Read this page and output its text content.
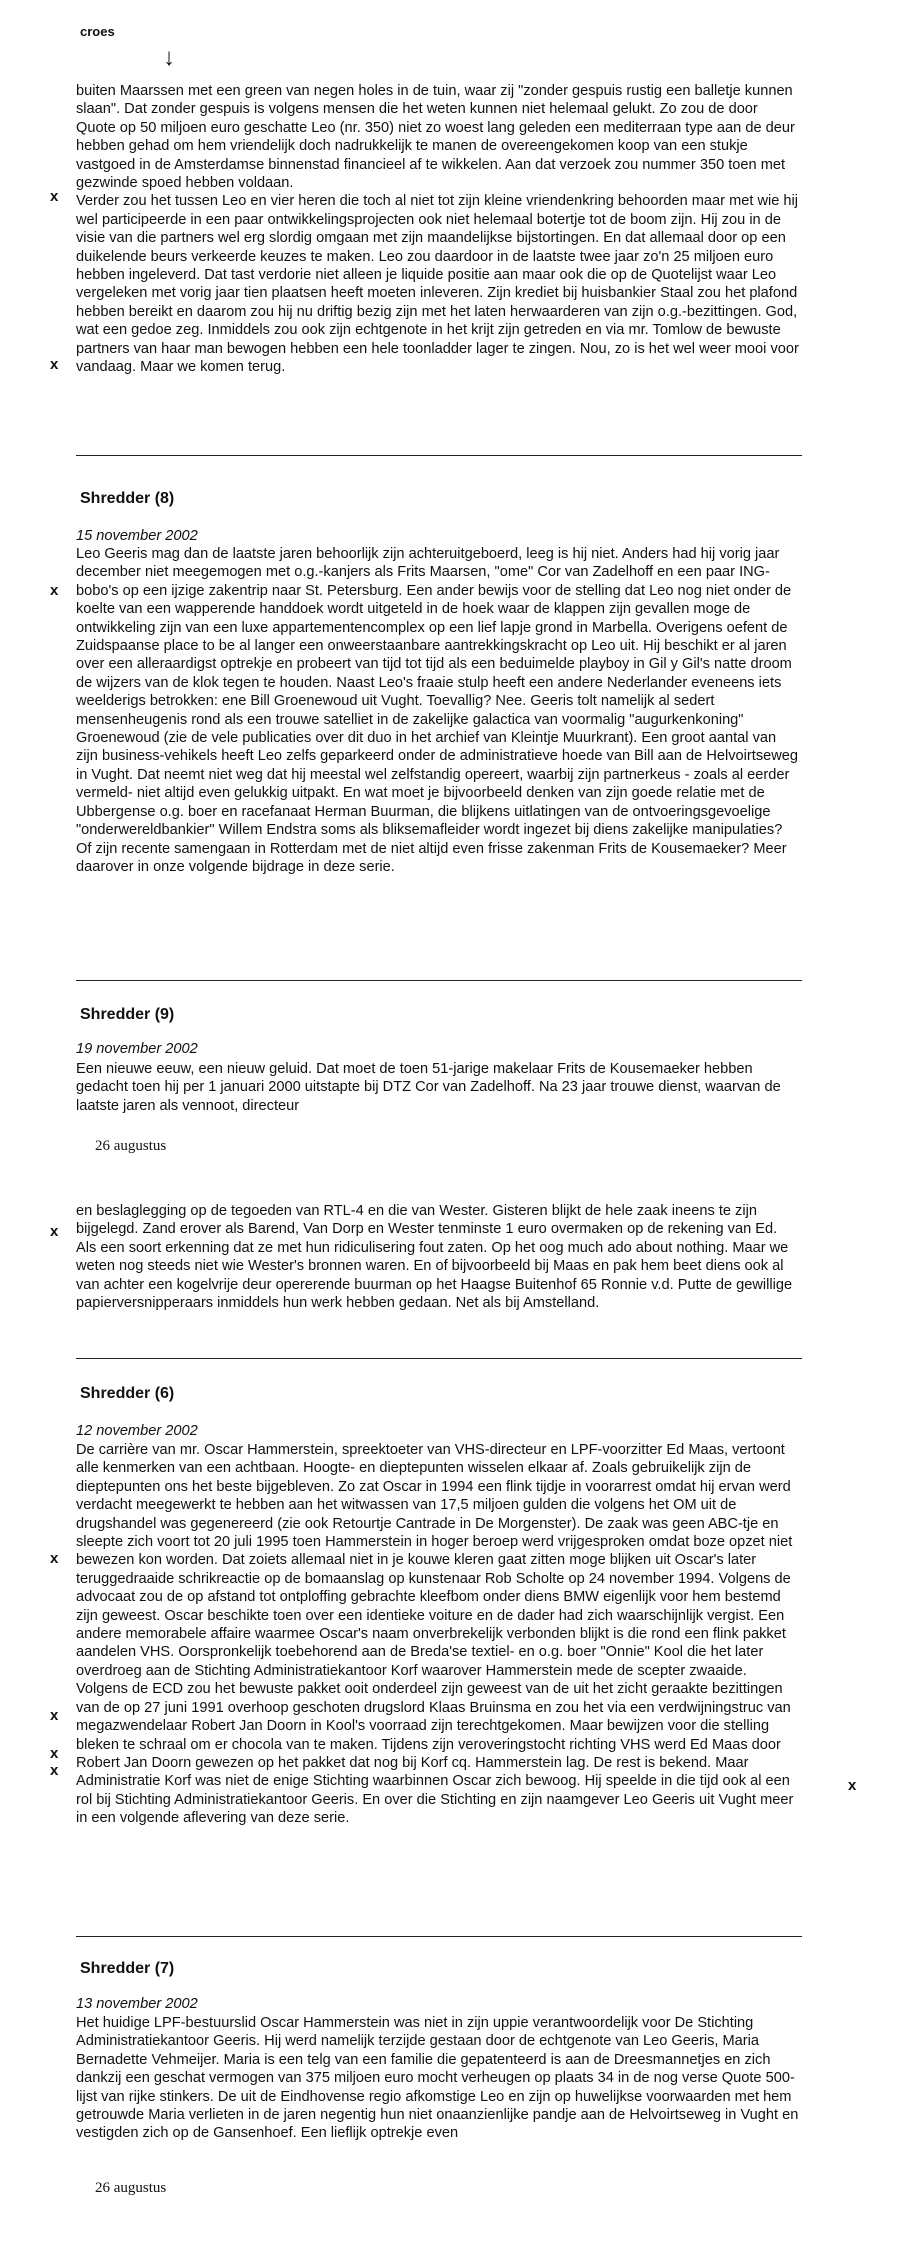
croes
↓

buiten Maarssen met een green van negen holes in de tuin, waar zij "zonder gespuis rustig een balletje kunnen slaan". Dat zonder gespuis is volgens mensen die het weten kunnen niet helemaal gelukt. Zo zou de door Quote op 50 miljoen euro geschatte Leo (nr. 350) niet zo woest lang geleden een mediterraan type aan de deur hebben gehad om hem vriendelijk doch nadrukkelijk te manen de overeengekomen koop van een stukje vastgoed in de Amsterdamse binnenstad financieel af te wikkelen. Aan dat verzoek zou nummer 350 toen met gezwinde spoed hebben voldaan.
Verder zou het tussen Leo en vier heren die toch al niet tot zijn kleine vriendenkring behoorden maar met wie hij wel participeerde in een paar ontwikkelingsprojecten ook niet helemaal botertje tot de boom zijn. Hij zou in de visie van die partners wel erg slordig omgaan met zijn maandelijkse bijstortingen. En dat allemaal door op een duikelende beurs verkeerde keuzes te maken. Leo zou daardoor in de laatste twee jaar zo'n 25 miljoen euro hebben ingeleverd. Dat tast verdorie niet alleen je liquide positie aan maar ook die op de Quotelijst waar Leo vergeleken met vorig jaar tien plaatsen heeft moeten inleveren. Zijn krediet bij huisbankier Staal zou het plafond hebben bereikt en daarom zou hij nu driftig bezig zijn met het laten herwaarderen van zijn o.g.-bezittingen. God, wat een gedoe zeg. Inmiddels zou ook zijn echtgenote in het krijt zijn getreden en via mr. Tomlow de bewuste partners van haar man bewogen hebben een hele toonladder lager te zingen. Nou, zo is het wel weer mooi voor vandaag. Maar we komen terug.

x
x
Shredder (8)
15 november 2002

Leo Geeris mag dan de laatste jaren behoorlijk zijn achteruitgeboerd, leeg is hij niet. Anders had hij vorig jaar december niet meegemogen met o.g.-kanjers als Frits Maarsen, "ome" Cor van Zadelhoff en een paar ING-bobo's op een ijzige zakentrip naar St. Petersburg. Een ander bewijs voor de stelling dat Leo nog niet onder de koelte van een wapperende handdoek wordt uitgeteld in de hoek waar de klappen zijn gevallen moge de ontwikkeling zijn van een luxe appartementencomplex op een lief lapje grond in Marbella. Overigens oefent de Zuidspaanse place to be al langer een onweerstaanbare aantrekkingskracht op Leo uit. Hij beschikt er al jaren over een alleraardigst optrekje en probeert van tijd tot tijd als een beduimelde playboy in Gil y Gil's natte droom de wijzers van de klok tegen te houden. Naast Leo's fraaie stulp heeft een andere Nederlander eveneens iets weelderigs betrokken: ene Bill Groenewoud uit Vught. Toevallig? Nee. Geeris tolt namelijk al sedert mensenheugenis rond als een trouwe satelliet in de zakelijke galactica van voormalig "augurkenkoning" Groenewoud (zie de vele publicaties over dit duo in het archief van Kleintje Muurkrant). Een groot aantal van zijn business-vehikels heeft Leo zelfs geparkeerd onder de administratieve hoede van Bill aan de Helvoirtseweg in Vught. Dat neemt niet weg dat hij meestal wel zelfstandig opereert, waarbij zijn partnerkeus - zoals al eerder vermeld- niet altijd even gelukkig uitpakt. En wat moet je bijvoorbeeld denken van zijn goede relatie met de Ubbergense o.g. boer en racefanaat Herman Buurman, die blijkens uitlatingen van de ontvoeringsgevoelige "onderwereldbankier" Willem Endstra soms als bliksemafleider wordt ingezet bij diens zakelijke manipulaties? Of zijn recente samengaan in Rotterdam met de niet altijd even frisse zakenman Frits de Kousemaeker? Meer daarover in onze volgende bijdrage in deze serie.

x
Shredder (9)
19 november 2002

Een nieuwe eeuw, een nieuw geluid. Dat moet de toen 51-jarige makelaar Frits de Kousemaeker hebben gedacht toen hij per 1 januari 2000 uitstapte bij DTZ Cor van Zadelhoff. Na 23 jaar trouwe dienst, waarvan de laatste jaren als vennoot, directeur

26 augustus

en beslaglegging op de tegoeden van RTL-4 en die van Wester. Gisteren blijkt de hele zaak ineens te zijn bijgelegd. Zand erover als Barend, Van Dorp en Wester tenminste 1 euro overmaken op de rekening van Ed. Als een soort erkenning dat ze met hun ridiculisering fout zaten. Op het oog much ado about nothing. Maar we weten nog steeds niet wie Wester's bronnen waren. En of bijvoorbeeld bij Maas en pak hem beet diens ook al van achter een kogelvrije deur opererende buurman op het Haagse Buitenhof 65 Ronnie v.d. Putte de gewillige papierversnipperaars inmiddels hun werk hebben gedaan. Net als bij Amstelland.

x
Shredder (6)
12 november 2002

De carrière van mr. Oscar Hammerstein, spreektoeter van VHS-directeur en LPF-voorzitter Ed Maas, vertoont alle kenmerken van een achtbaan. Hoogte- en dieptepunten wisselen elkaar af. Zoals gebruikelijk zijn de dieptepunten ons het beste bijgebleven. Zo zat Oscar in 1994 een flink tijdje in voorarrest omdat hij ervan werd verdacht meegewerkt te hebben aan het witwassen van 17,5 miljoen gulden die volgens het OM uit de drugshandel was gegenereerd (zie ook Retourtje Cantrade in De Morgenster). De zaak was geen ABC-tje en sleepte zich voort tot 20 juli 1995 toen Hammerstein in hoger beroep werd vrijgesproken omdat boze opzet niet bewezen kon worden. Dat zoiets allemaal niet in je kouwe kleren gaat zitten moge blijken uit Oscar's later teruggedraaide schrikreactie op de bomaanslag op kunstenaar Rob Scholte op 24 november 1994. Volgens de advocaat zou de op afstand tot ontploffing gebrachte kleefbom onder diens BMW eigenlijk voor hem bestemd zijn geweest. Oscar beschikte toen over een identieke voiture en de dader had zich waarschijnlijk vergist. Een andere memorabele affaire waarmee Oscar's naam onverbrekelijk verbonden blijkt is die rond een flink pakket aandelen VHS. Oorspronkelijk toebehorend aan de Breda'se textiel- en o.g. boer "Onnie" Kool die het later overdroeg aan de Stichting Administratiekantoor Korf waarover Hammerstein mede de scepter zwaaide. Volgens de ECD zou het bewuste pakket ooit onderdeel zijn geweest van de uit het zicht geraakte bezittingen van de op 27 juni 1991 overhoop geschoten drugslord Klaas Bruinsma en zou het via een verdwijningstruc van megazwendelaar Robert Jan Doorn in Kool's voorraad zijn terechtgekomen. Maar bewijzen voor die stelling bleken te schraal om er chocola van te maken. Tijdens zijn veroveringstocht richting VHS werd Ed Maas door Robert Jan Doorn gewezen op het pakket dat nog bij Korf cq. Hammerstein lag. De rest is bekend. Maar Administratie Korf was niet de enige Stichting waarbinnen Oscar zich bewoog. Hij speelde in die tijd ook al een rol bij Stichting Administratiekantoor Geeris. En over die Stichting en zijn naamgever Leo Geeris uit Vught meer in een volgende aflevering van deze serie.

x
x
x
x
x
Shredder (7)
13 november 2002

Het huidige LPF-bestuurslid Oscar Hammerstein was niet in zijn uppie verantwoordelijk voor De Stichting Administratiekantoor Geeris. Hij werd namelijk terzijde gestaan door de echtgenote van Leo Geeris, Maria Bernadette Vehmeijer. Maria is een telg van een familie die gepatenteerd is aan de Dreesmannetjes en zich dankzij een geschat vermogen van 375 miljoen euro mocht verheugen op plaats 34 in de nog verse Quote 500-lijst van rijke stinkers. De uit de Eindhovense regio afkomstige Leo en zijn op huwelijkse voorwaarden met hem getrouwde Maria verlieten in de jaren negentig hun niet onaanzienlijke pandje aan de Helvoirtseweg in Vught en vestigden zich op de Gansenhoef. Een lieflijk optrekje even

26 augustus
